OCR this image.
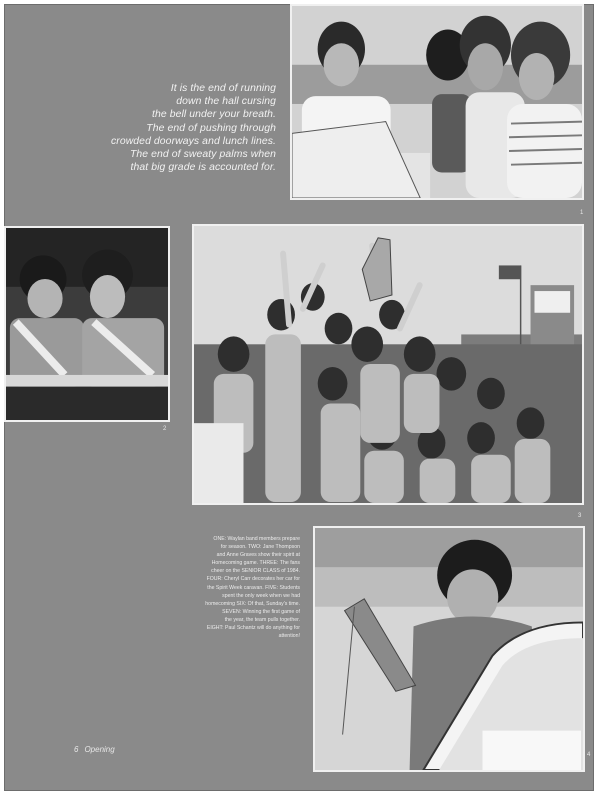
1
It is the end of running
down the hall cursing
the bell under your breath.
The end of pushing through
crowded doorways and lunch lines.
The end of sweaty palms when
that big grade is accounted for.
2
3
ONE: Waylan band members prepare
for season. TWO: Jane Thompson
and Anne Graves show their spirit at
Homecoming game. THREE: The fans
cheer on the SENIOR CLASS of 1984.
FOUR: Cheryl Carr decorates her car for
the Spirit Week caravan. FIVE: Students
spent the only week when we had
homecoming SIX: Of that, Sunday's time.
SEVEN: Winning the first game of
the year, the team pulls together.
EIGHT: Paul Schantz will do anything for
attention!
4
6 Opening
